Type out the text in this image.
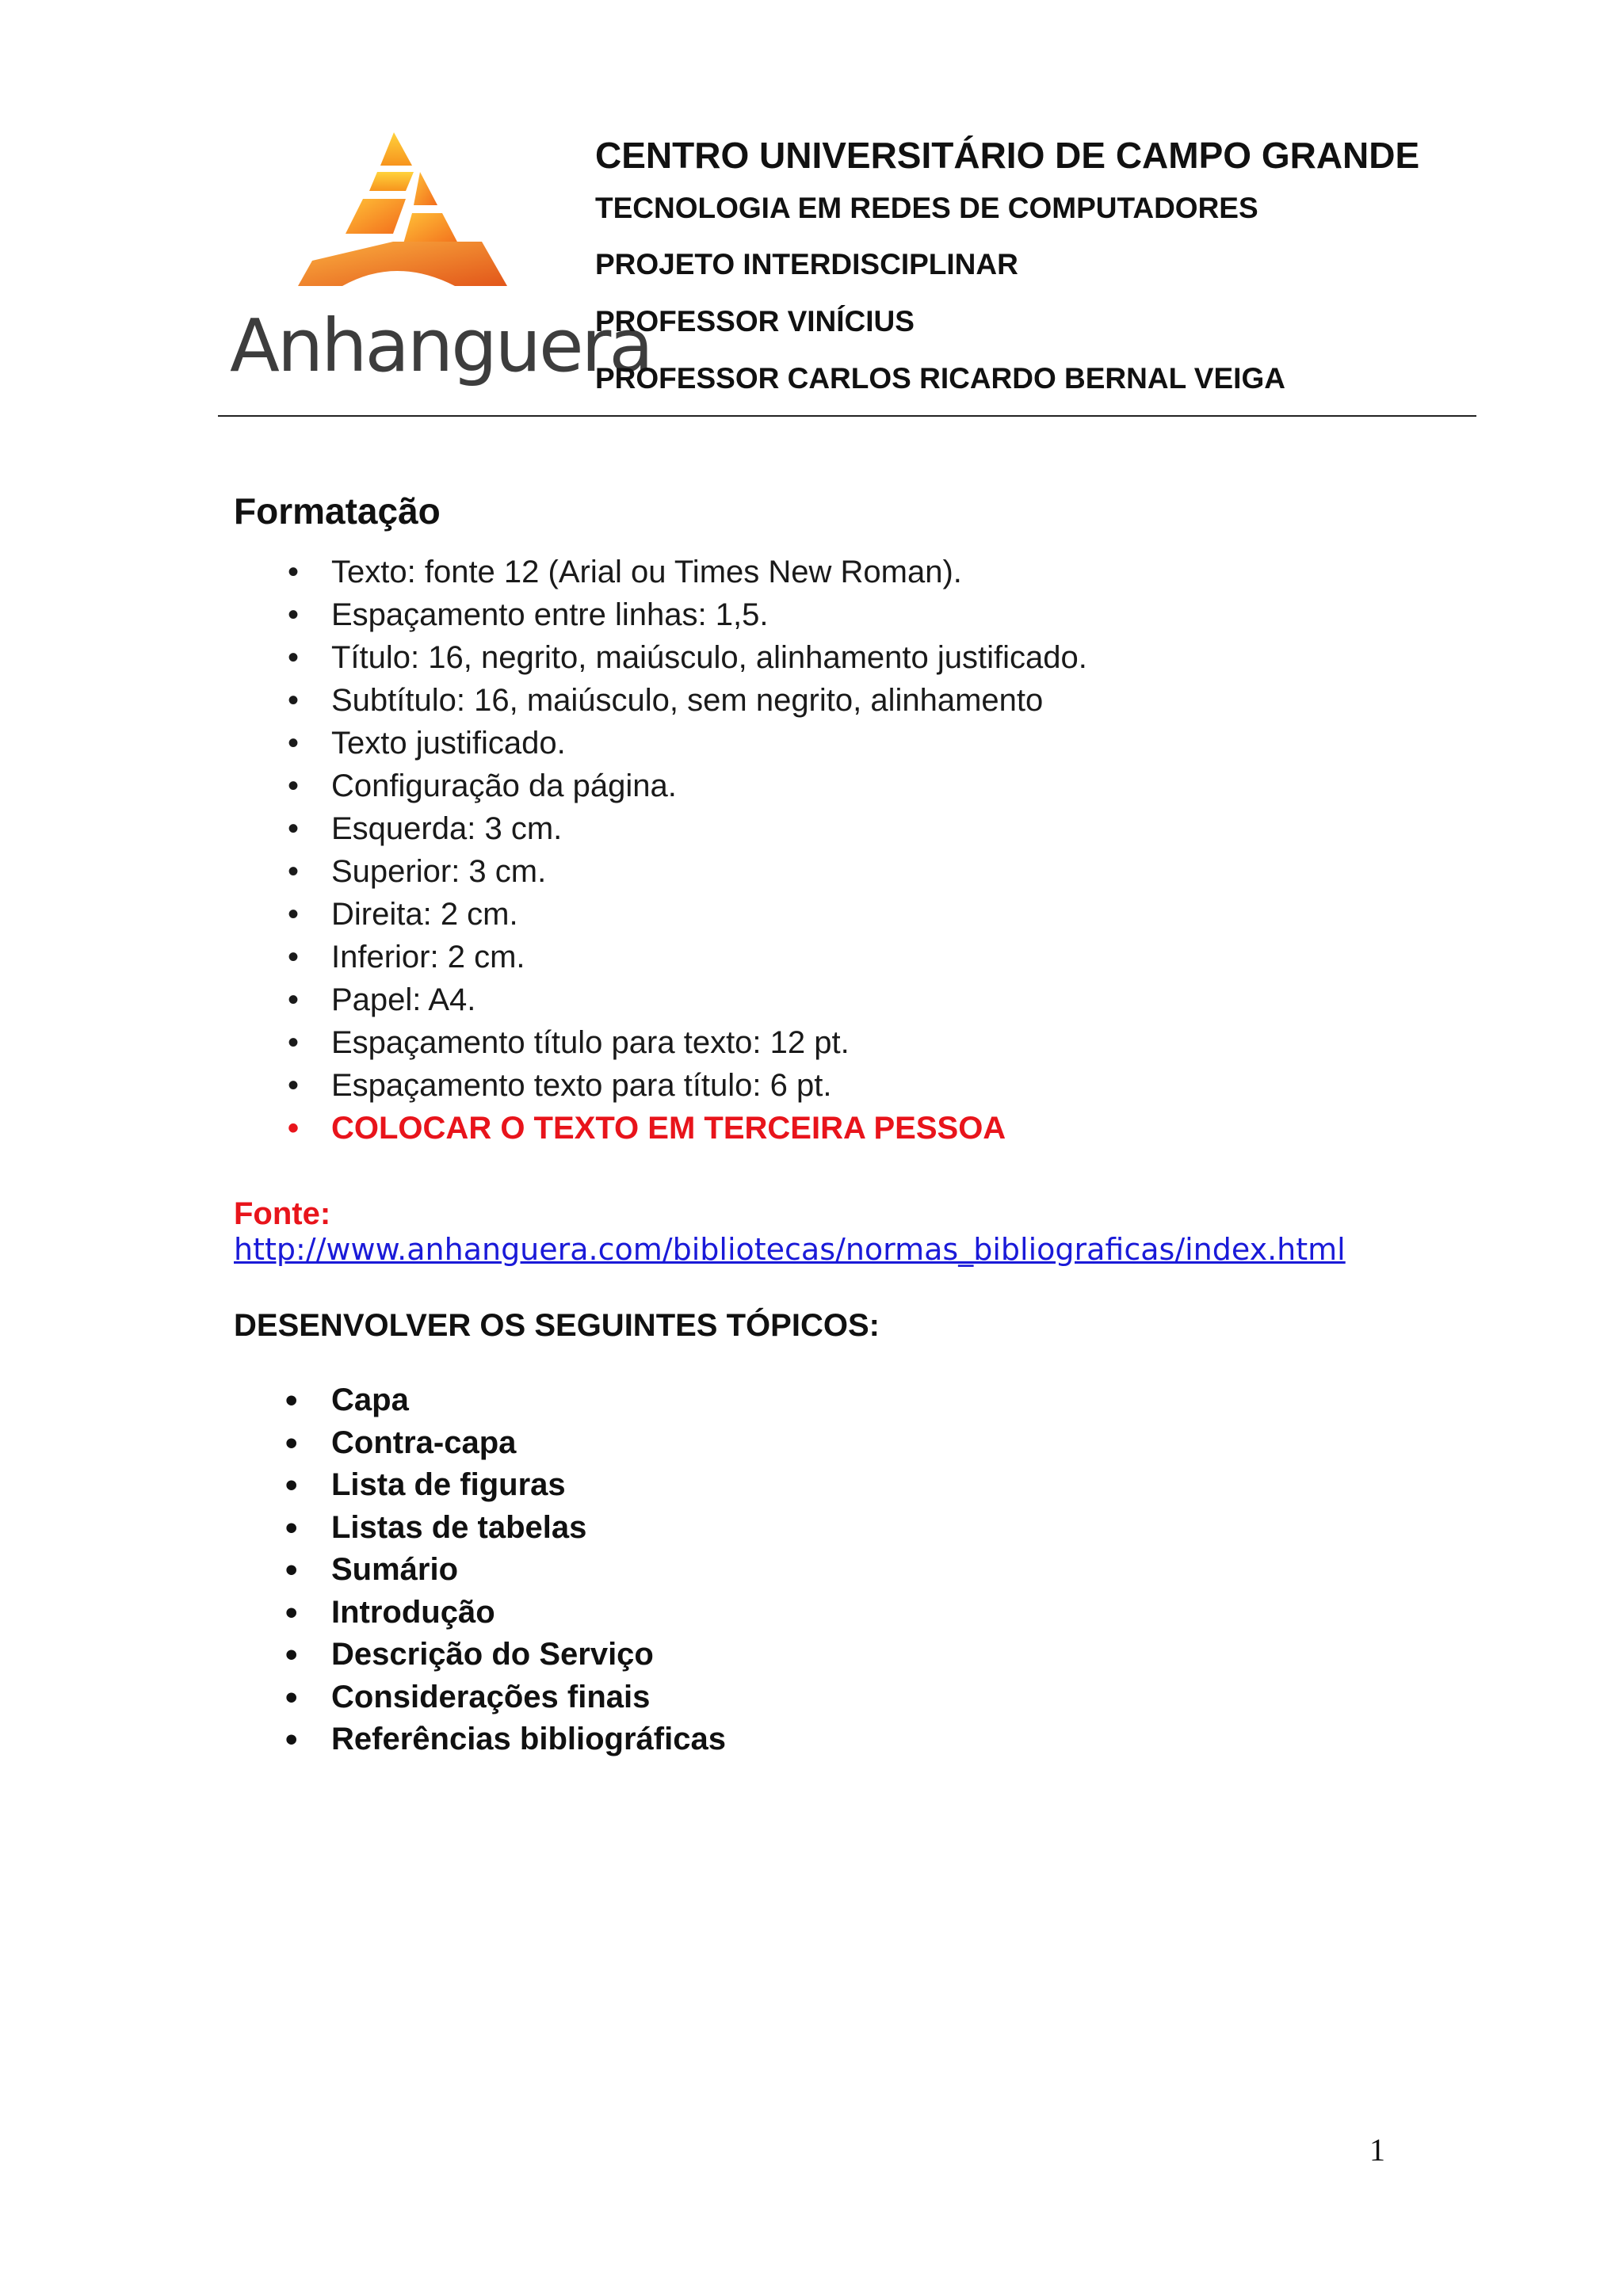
Anhanguera
CENTRO UNIVERSITÁRIO DE CAMPO GRANDE
TECNOLOGIA EM REDES DE COMPUTADORES
PROJETO INTERDISCIPLINAR
PROFESSOR VINÍCIUS
PROFESSOR CARLOS RICARDO BERNAL VEIGA
Formatação
• Texto: fonte 12 (Arial ou Times New Roman).
• Espaçamento entre linhas: 1,5.
• Título: 16, negrito, maiúsculo, alinhamento justificado.
• Subtítulo: 16, maiúsculo, sem negrito, alinhamento
• Texto justificado.
• Configuração da página.
• Esquerda: 3 cm.
• Superior: 3 cm.
• Direita: 2 cm.
• Inferior: 2 cm.
• Papel: A4.
• Espaçamento título para texto: 12 pt.
• Espaçamento texto para título: 6 pt.
• COLOCAR O TEXTO EM TERCEIRA PESSOA
Fonte:
http://www.anhanguera.com/bibliotecas/normas_bibliograficas/index.html
DESENVOLVER OS SEGUINTES TÓPICOS:
• Capa
• Contra-capa
• Lista de figuras
• Listas de tabelas
• Sumário
• Introdução
• Descrição do Serviço
• Considerações finais
• Referências bibliográficas
1
